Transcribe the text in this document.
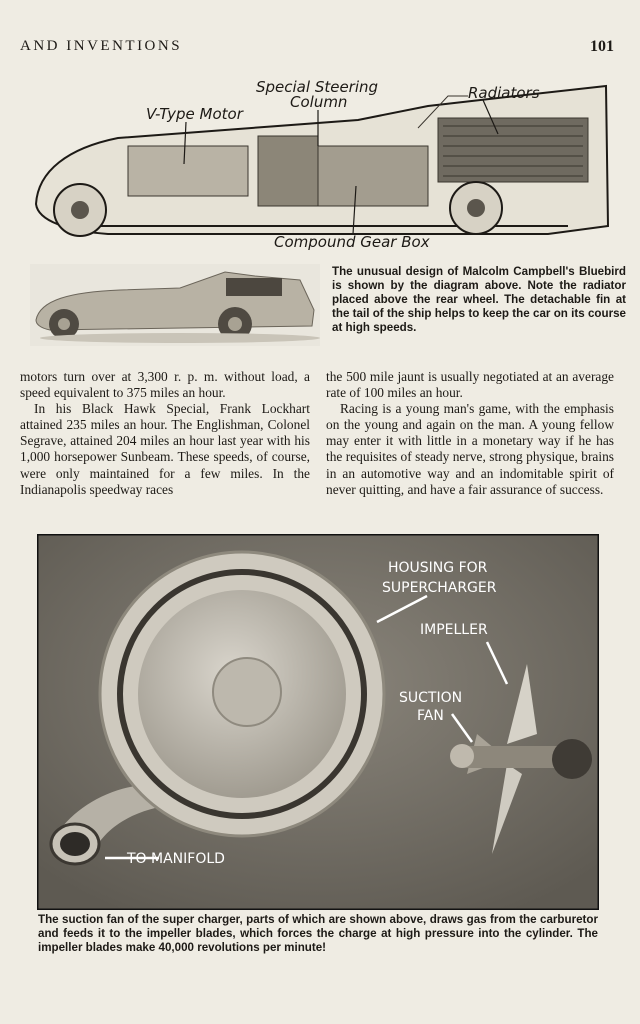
AND INVENTIONS	101
Special Steering
Column
V-Type Motor
Radiators
Compound Gear Box
The unusual design of Malcolm Campbell's Bluebird is shown by the diagram above. Note the radiator placed above the rear wheel. The detachable fin at the tail of the ship helps to keep the car on its course at high speeds.

motors turn over at 3,300 r. p. m. without load, a speed equivalent to 375 miles an hour.

In his Black Hawk Special, Frank Lockhart attained 235 miles an hour. The Englishman, Colonel Segrave, attained 204 miles an hour last year with his 1,000 horsepower Sunbeam. These speeds, of course, were only maintained for a few miles. In the Indianapolis speedway races

the 500 mile jaunt is usually negotiated at an average rate of 100 miles an hour.

Racing is a young man's game, with the emphasis on the young and again on the man. A young fellow may enter it with little in a monetary way if he has the requisites of steady nerve, strong physique, brains in an automotive way and an indomitable spirit of never quitting, and have a fair assurance of success.

HOUSING FOR
SUPERCHARGER
IMPELLER
SUCTION
FAN
TO MANIFOLD
The suction fan of the super charger, parts of which are shown above, draws gas from the carburetor and feeds it to the impeller blades, which forces the charge at high pressure into the cylinder. The impeller blades make 40,000 revolutions per minute!
